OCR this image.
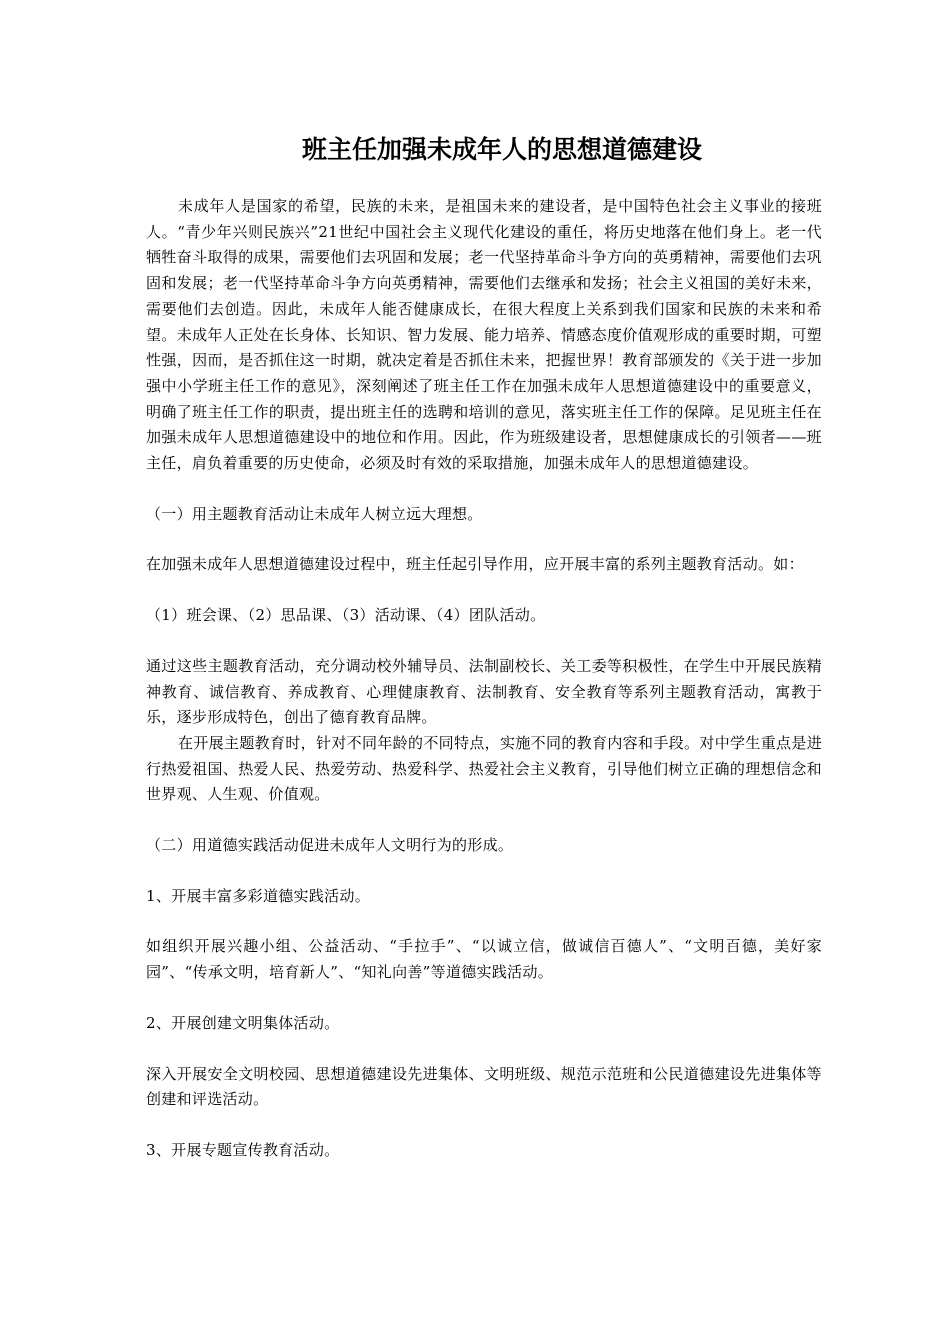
班主任加强未成年人的思想道德建设

未成年人是国家的希望，民族的未来，是祖国未来的建设者，是中国特色社会主义事业的接班人。“青少年兴则民族兴”21世纪中国社会主义现代化建设的重任，将历史地落在他们身上。老一代牺牲奋斗取得的成果，需要他们去巩固和发展；老一代坚持革命斗争方向的英勇精神，需要他们去巩固和发展；老一代坚持革命斗争方向英勇精神，需要他们去继承和发扬；社会主义祖国的美好未来，需要他们去创造。因此，未成年人能否健康成长，在很大程度上关系到我们国家和民族的未来和希望。未成年人正处在长身体、长知识、智力发展、能力培养、情感态度价值观形成的重要时期，可塑性强，因而，是否抓住这一时期，就决定着是否抓住未来，把握世界！教育部颁发的《关于进一步加强中小学班主任工作的意见》，深刻阐述了班主任工作在加强未成年人思想道德建设中的重要意义，明确了班主任工作的职责，提出班主任的选聘和培训的意见，落实班主任工作的保障。足见班主任在加强未成年人思想道德建设中的地位和作用。因此，作为班级建设者，思想健康成长的引领者——班主任，肩负着重要的历史使命，必须及时有效的采取措施，加强未成年人的思想道德建设。

（一）用主题教育活动让未成年人树立远大理想。

在加强未成年人思想道德建设过程中，班主任起引导作用，应开展丰富的系列主题教育活动。如：

（1）班会课、（2）思品课、（3）活动课、（4）团队活动。

通过这些主题教育活动，充分调动校外辅导员、法制副校长、关工委等积极性，在学生中开展民族精神教育、诚信教育、养成教育、心理健康教育、法制教育、安全教育等系列主题教育活动，寓教于乐，逐步形成特色，创出了德育教育品牌。

在开展主题教育时，针对不同年龄的不同特点，实施不同的教育内容和手段。对中学生重点是进行热爱祖国、热爱人民、热爱劳动、热爱科学、热爱社会主义教育，引导他们树立正确的理想信念和世界观、人生观、价值观。

（二）用道德实践活动促进未成年人文明行为的形成。

1、开展丰富多彩道德实践活动。

如组织开展兴趣小组、公益活动、“手拉手”、“以诚立信，做诚信百德人”、“文明百德，美好家园”、“传承文明，培育新人”、“知礼向善”等道德实践活动。

2、开展创建文明集体活动。

深入开展安全文明校园、思想道德建设先进集体、文明班级、规范示范班和公民道德建设先进集体等创建和评选活动。

3、开展专题宣传教育活动。
